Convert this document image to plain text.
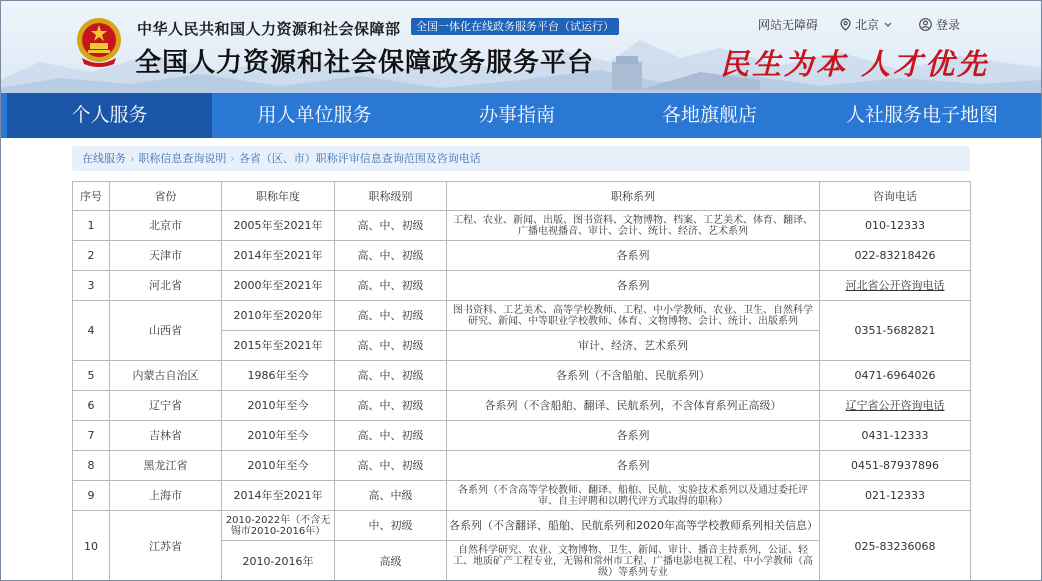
中华人民共和国人力资源和社会保障部	全国一体化在线政务服务平台（试运行）
全国人力资源和社会保障政务服务平台	民生为本 人才优先
网站无障碍	北京	登录
个人服务	用人单位服务	办事指南	各地旗舰店	人社服务电子地图
在线服务 › 职称信息查询说明 › 各省（区、市）职称评审信息查询范围及咨询电话
序号	省份	职称年度	职称级别	职称系列	咨询电话
1	北京市	2005年至2021年	高、中、初级	工程、农业、新闻、出版、图书资料、文物博物、档案、工艺美术、体育、翻译、广播电视播音、审计、会计、统计、经济、艺术系列	010-12333
2	天津市	2014年至2021年	高、中、初级	各系列	022-83218426
3	河北省	2000年至2021年	高、中、初级	各系列	河北省公开咨询电话
4	山西省	2010年至2020年	高、中、初级	图书资料、工艺美术、高等学校教师、工程、中小学教师、农业、卫生、自然科学研究、新闻、中等职业学校教师、体育、文物博物、会计、统计、出版系列	0351-5682821
		2015年至2021年	高、中、初级	审计、经济、艺术系列	
5	内蒙古自治区	1986年至今	高、中、初级	各系列（不含船舶、民航系列）	0471-6964026
6	辽宁省	2010年至今	高、中、初级	各系列（不含船舶、翻译、民航系列，不含体育系列正高级）	辽宁省公开咨询电话
7	吉林省	2010年至今	高、中、初级	各系列	0431-12333
8	黑龙江省	2010年至今	高、中、初级	各系列	0451-87937896
9	上海市	2014年至2021年	高、中级	各系列（不含高等学校教师、翻译、船舶、民航、实验技术系列以及通过委托评审、自主评聘和以聘代评方式取得的职称）	021-12333
10	江苏省	2010-2022年（不含无锡市2010-2016年）	中、初级	各系列（不含翻译、船舶、民航系列和2020年高等学校教师系列相关信息）	025-83236068
		2010-2016年	高级	自然科学研究、农业、文物博物、卫生、新闻、审计、播音主持系列，公证、轻工、地质矿产工程专业，无锡和常州市工程、广播电影电视工程、中小学教师（高级）等系列专业	
